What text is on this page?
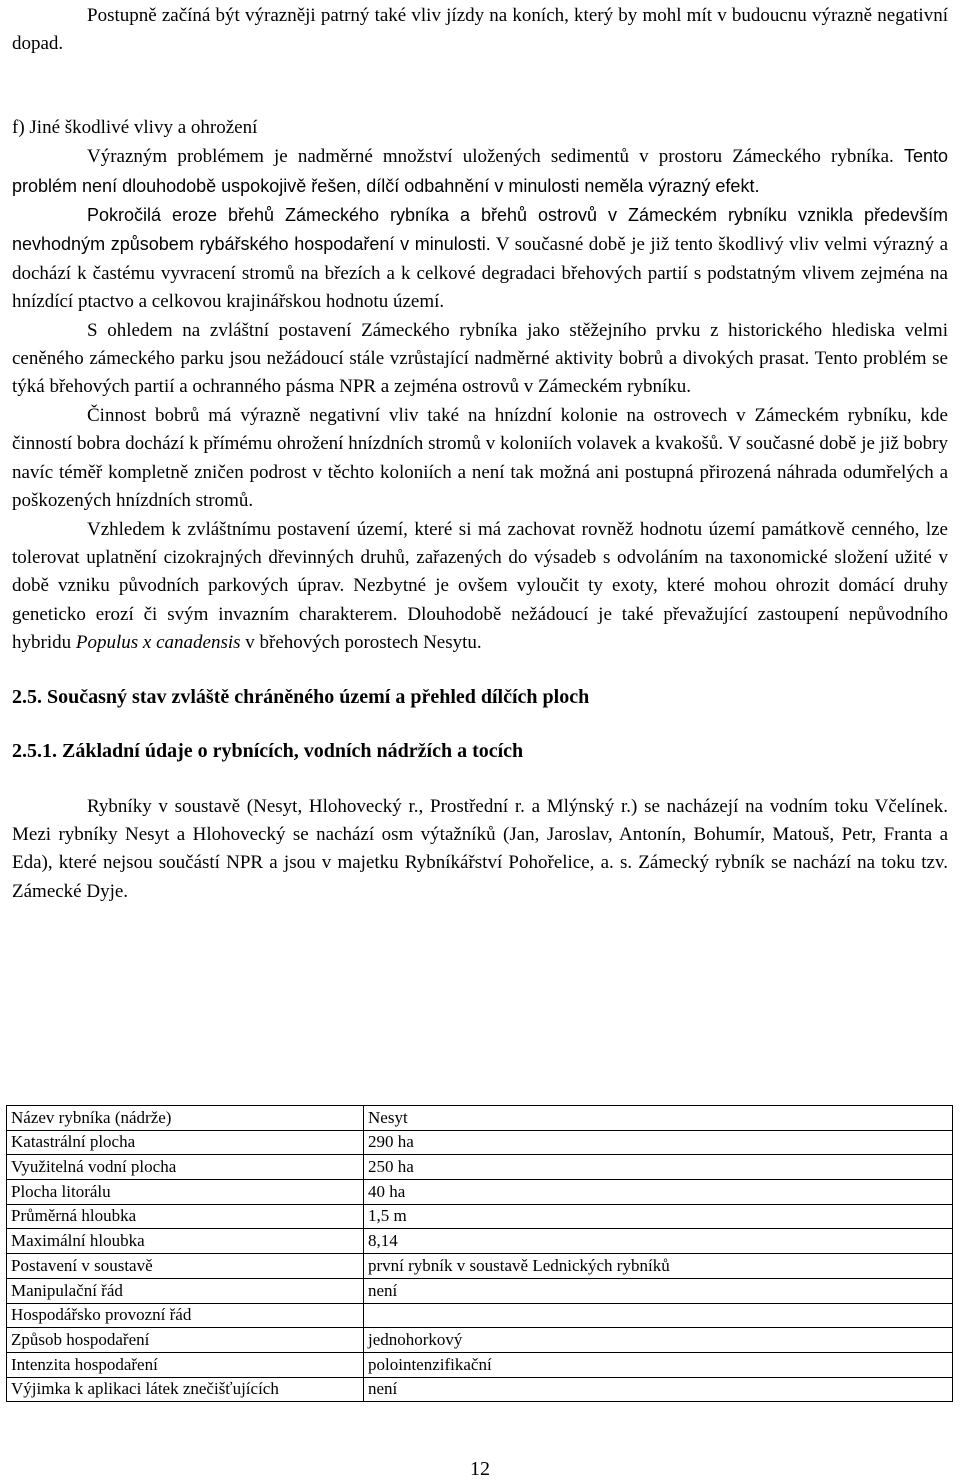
Postupně začíná být výrazněji patrný také vliv jízdy na koních, který by mohl mít v budoucnu výrazně negativní dopad.

f) Jiné škodlivé vlivy a ohrožení

Výrazným problémem je nadměrné množství uložených sedimentů v prostoru Zámeckého rybníka. Tento problém není dlouhodobě uspokojivě řešen, dílčí odbahnění v minulosti neměla výrazný efekt.

Pokročilá eroze břehů Zámeckého rybníka a břehů ostrovů v Zámeckém rybníku vznikla především nevhodným způsobem rybářského hospodaření v minulosti. V současné době je již tento škodlivý vliv velmi výrazný a dochází k častému vyvracení stromů na březích a k celkové degradaci břehových partií s podstatným vlivem zejména na hnízdící ptactvo a celkovou krajinářskou hodnotu území.

S ohledem na zvláštní postavení Zámeckého rybníka jako stěžejního prvku z historického hlediska velmi ceněného zámeckého parku jsou nežádoucí stále vzrůstající nadměrné aktivity bobrů a divokých prasat. Tento problém se týká břehových partií a ochranného pásma NPR a zejména ostrovů v Zámeckém rybníku.

Činnost bobrů má výrazně negativní vliv také na hnízdní kolonie na ostrovech v Zámeckém rybníku, kde činností bobra dochází k přímému ohrožení hnízdních stromů v koloniích volavek a kvakošů. V současné době je již bobry navíc téměř kompletně zničen podrost v těchto koloniích a není tak možná ani postupná přirozená náhrada odumřelých a poškozených hnízdních stromů.

Vzhledem k zvláštnímu postavení území, které si má zachovat rovněž hodnotu území památkově cenného, lze tolerovat uplatnění cizokrajných dřevinných druhů, zařazených do výsadeb s odvoláním na taxonomické složení užité v době vzniku původních parkových úprav. Nezbytné je ovšem vyloučit ty exoty, které mohou ohrozit domácí druhy geneticko erozí či svým invazním charakterem. Dlouhodobě nežádoucí je také převažující zastoupení nepůvodního hybridu Populus x canadensis v břehových porostech Nesytu.

2.5. Současný stav zvláště chráněného území a přehled dílčích ploch
2.5.1. Základní údaje o rybnících, vodních nádržích a tocích

Rybníky v soustavě (Nesyt, Hlohovecký r., Prostřední r. a Mlýnský r.) se nacházejí na vodním toku Včelínek. Mezi rybníky Nesyt a Hlohovecký se nachází osm výtažníků (Jan, Jaroslav, Antonín, Bohumír, Matouš, Petr, Franta a Eda), které nejsou součástí NPR a jsou v majetku Rybníkářství Pohořelice, a. s. Zámecký rybník se nachází na toku tzv. Zámecké Dyje.

Název rybníka (nádrže)	Nesyt
Katastrální plocha	290 ha
Využitelná vodní plocha	250 ha
Plocha litorálu	40 ha
Průměrná hloubka	1,5 m
Maximální hloubka	8,14
Postavení v soustavě	první rybník v soustavě Lednických rybníků
Manipulační řád	není
Hospodářsko provozní řád	
Způsob hospodaření	jednohorkový
Intenzita hospodaření	polointenzifikační
Výjimka k aplikaci látek znečišťujících	není
12
